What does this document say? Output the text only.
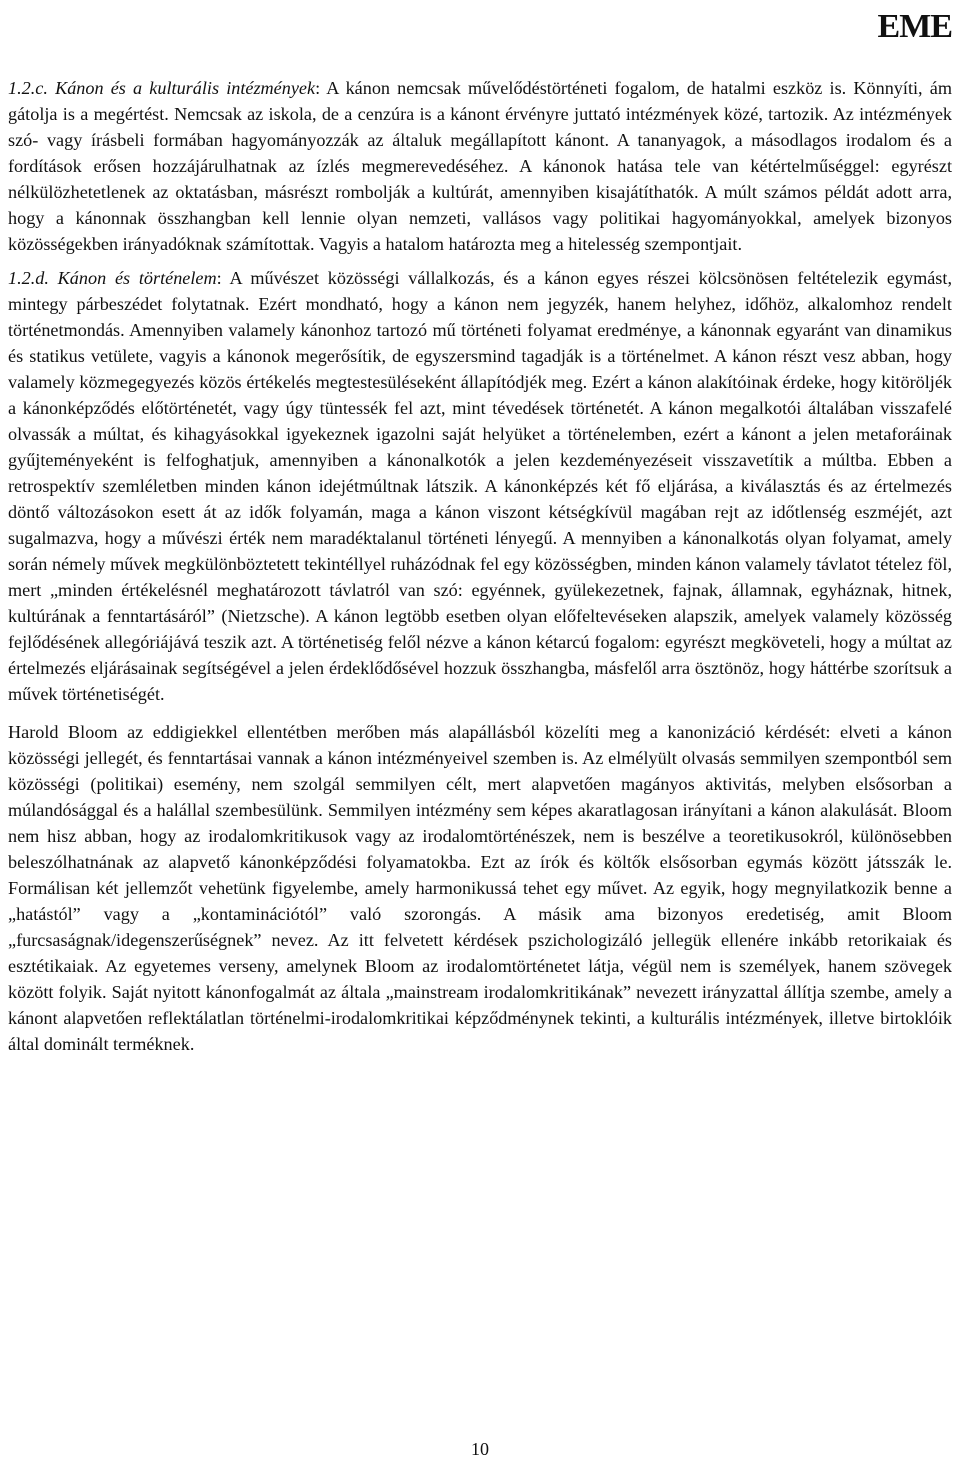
EME

1.2.c. Kánon és a kulturális intézmények: A kánon nemcsak művelődéstörténeti fogalom, de hatalmi eszköz is. Könnyíti, ám gátolja is a megértést. Nemcsak az iskola, de a cenzúra is a kánont érvényre juttató intézmények közé, tartozik. Az intézmények szó- vagy írásbeli formában hagyományozzák az általuk megállapított kánont. A tananyagok, a másodlagos irodalom és a fordítások erősen hozzájárulhatnak az ízlés megmerevedéséhez. A kánonok hatása tele van kétértelműséggel: egyrészt nélkülözhetetlenek az oktatásban, másrészt rombolják a kultúrát, amennyiben kisajátíthatók. A múlt számos példát adott arra, hogy a kánonnak összhangban kell lennie olyan nemzeti, vallásos vagy politikai hagyományokkal, amelyek bizonyos közösségekben irányadóknak számítottak. Vagyis a hatalom határozta meg a hitelesség szempontjait.

1.2.d. Kánon és történelem: A művészet közösségi vállalkozás, és a kánon egyes részei kölcsönösen feltételezik egymást, mintegy párbeszédet folytatnak. Ezért mondható, hogy a kánon nem jegyzék, hanem helyhez, időhöz, alkalomhoz rendelt történetmondás. Amennyiben valamely kánonhoz tartozó mű történeti folyamat eredménye, a kánonnak egyaránt van dinamikus és statikus vetülete, vagyis a kánonok megerősítik, de egyszersmind tagadják is a történelmet. A kánon részt vesz abban, hogy valamely közmegegyezés közös értékelés megtestesüléseként állapítódjék meg. Ezért a kánon alakítóinak érdeke, hogy kitöröljék a kánonképződés előtörténetét, vagy úgy tüntessék fel azt, mint tévedések történetét. A kánon megalkotói általában visszafelé olvassák a múltat, és kihagyásokkal igyekeznek igazolni saját helyüket a történelemben, ezért a kánont a jelen metaforáinak gyűjteményeként is felfoghatjuk, amennyiben a kánonalkotók a jelen kezdeményezéseit visszavetítik a múltba. Ebben a retrospektív szemléletben minden kánon idejétmúltnak látszik. A kánonképzés két fő eljárása, a kiválasztás és az értelmezés döntő változásokon esett át az idők folyamán, maga a kánon viszont kétségkívül magában rejt az időtlenség eszméjét, azt sugalmazva, hogy a művészi érték nem maradéktalanul történeti lényegű. A mennyiben a kánonalkotás olyan folyamat, amely során némely művek megkülönböztetett tekintéllyel ruházódnak fel egy közösségben, minden kánon valamely távlatot tételez föl, mert „minden értékelésnél meghatározott távlatról van szó: egyénnek, gyülekezetnek, fajnak, államnak, egyháznak, hitnek, kultúrának a fenntartásáról” (Nietzsche). A kánon legtöbb esetben olyan előfeltevéseken alapszik, amelyek valamely közösség fejlődésének allegóriájává teszik azt. A történetiség felől nézve a kánon kétarcú fogalom: egyrészt megköveteli, hogy a múltat az értelmezés eljárásainak segítségével a jelen érdeklődősével hozzuk összhangba, másfelől arra ösztönöz, hogy háttérbe szorítsuk a művek történetiségét.

Harold Bloom az eddigiekkel ellentétben merőben más alapállásból közelíti meg a kanonizáció kérdését: elveti a kánon közösségi jellegét, és fenntartásai vannak a kánon intézményeivel szemben is. Az elmélyült olvasás semmilyen szempontból sem közösségi (politikai) esemény, nem szolgál semmilyen célt, mert alapvetően magányos aktivitás, melyben elsősorban a múlandósággal és a halállal szembesülünk. Semmilyen intézmény sem képes akaratlagosan irányítani a kánon alakulását. Bloom nem hisz abban, hogy az irodalomkritikusok vagy az irodalomtörténészek, nem is beszélve a teoretikusokról, különösebben beleszólhatnának az alapvető kánonképződési folyamatokba. Ezt az írók és költők elsősorban egymás között játsszák le. Formálisan két jellemzőt vehetünk figyelembe, amely harmonikussá tehet egy művet. Az egyik, hogy megnyilatkozik benne a „hatástól” vagy a „kontaminációtól” való szorongás. A másik ama bizonyos eredetiség, amit Bloom „furcsaságnak/idegenszerűségnek” nevez. Az itt felvetett kérdések pszichologizáló jellegük ellenére inkább retorikaiak és esztétikaiak. Az egyetemes verseny, amelynek Bloom az irodalomtörténetet látja, végül nem is személyek, hanem szövegek között folyik. Saját nyitott kánonfogalmát az általa „mainstream irodalomkritikának” nevezett irányzattal állítja szembe, amely a kánont alapvetően reflektálatlan történelmi-irodalomkritikai képződménynek tekinti, a kulturális intézmények, illetve birtoklóik által dominált terméknek.

10
